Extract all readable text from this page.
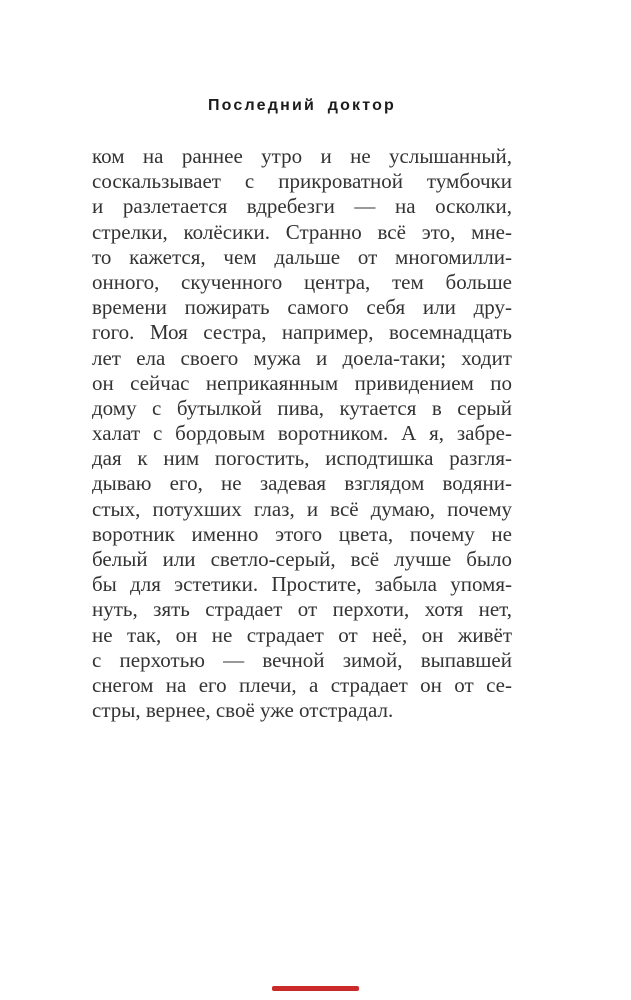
Последний доктор
ком на раннее утро и не услышанный,
соскальзывает с прикроватной тумбочки
и разлетается вдребезги — на осколки,
стрелки, колёсики. Странно всё это, мне-
то кажется, чем дальше от многомилли-
онного, скученного центра, тем больше
времени пожирать самого себя или дру-
гого. Моя сестра, например, восемнадцать
лет ела своего мужа и доела-таки; ходит
он сейчас неприкаянным привидением по
дому с бутылкой пива, кутается в серый
халат с бордовым воротником. А я, забре-
дая к ним погостить, исподтишка разгля-
дываю его, не задевая взглядом водяни-
стых, потухших глаз, и всё думаю, почему
воротник именно этого цвета, почему не
белый или светло-серый, всё лучше было
бы для эстетики. Простите, забыла упомя-
нуть, зять страдает от перхоти, хотя нет,
не так, он не страдает от неё, он живёт
с перхотью — вечной зимой, выпавшей
снегом на его плечи, а страдает он от се-
стры, вернее, своё уже отстрадал.
